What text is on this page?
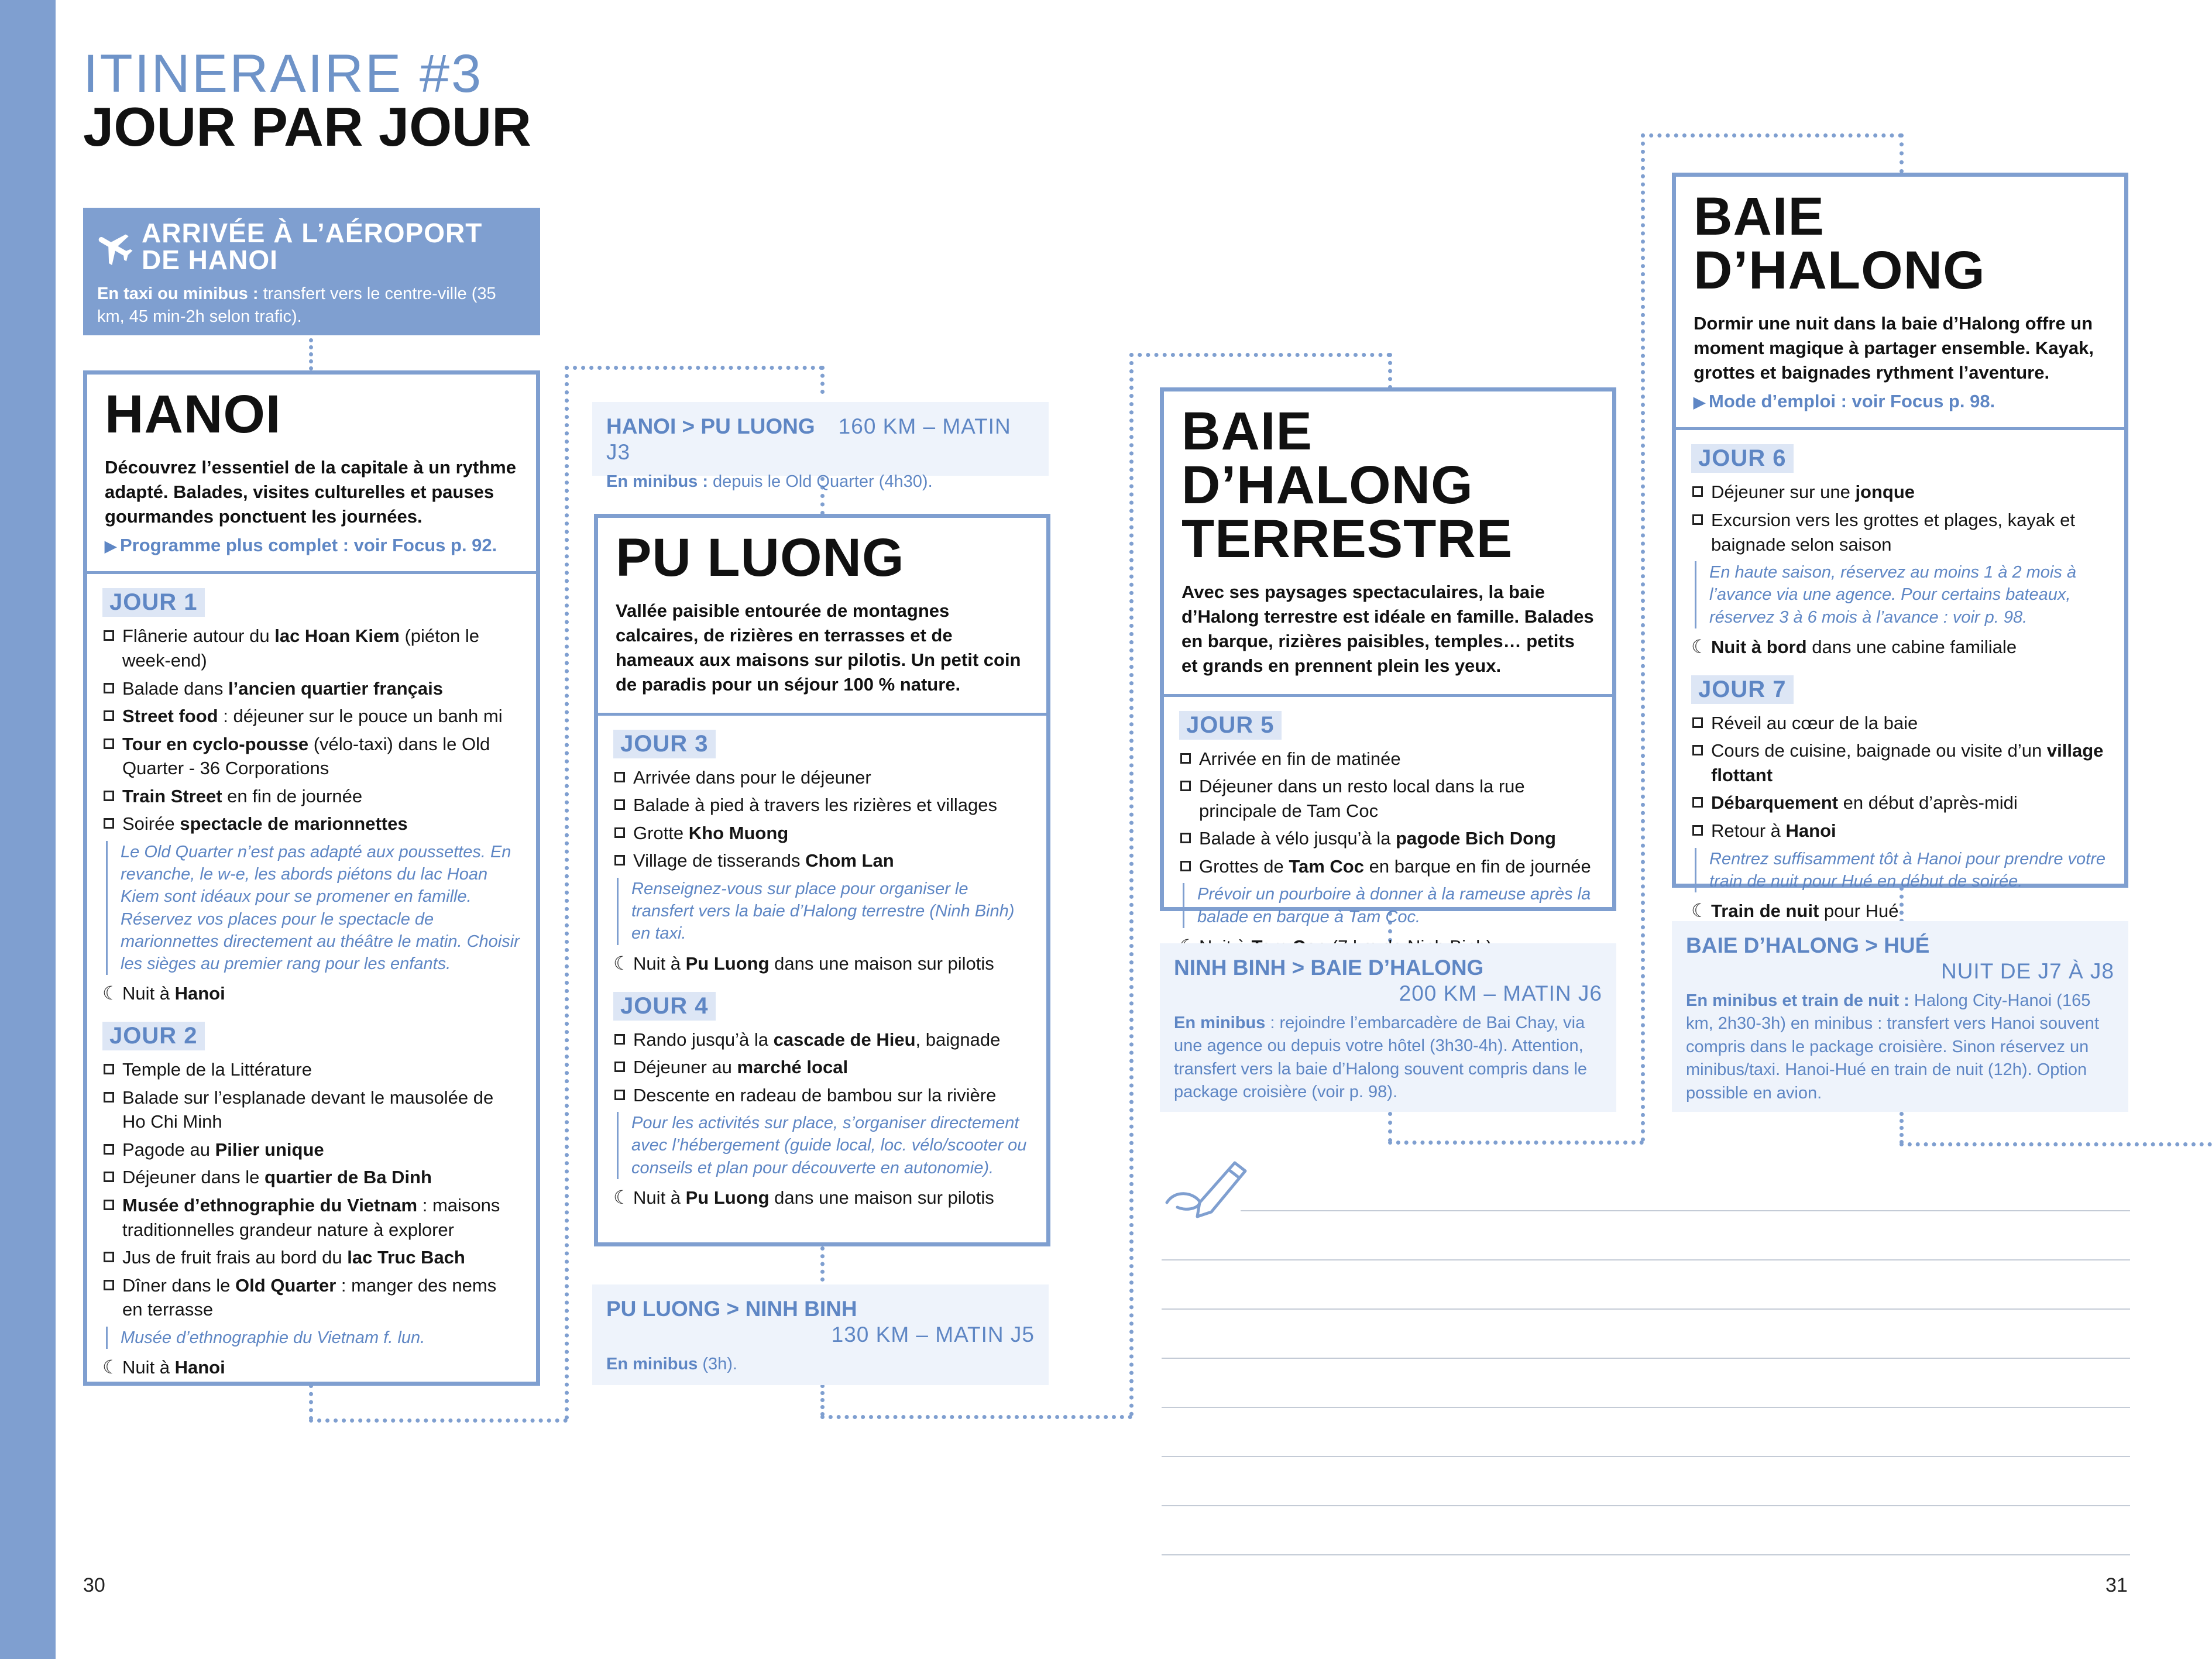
ITINERAIRE #3
JOUR PAR JOUR
ARRIVÉE À L’AÉROPORT DE HANOI
En taxi ou minibus : transfert vers le centre-ville (35 km, 45 min-2h selon trafic).
HANOI
Découvrez l’essentiel de la capitale à un rythme adapté. Balades, visites culturelles et pauses gourmandes ponctuent les journées.
▶ Programme plus complet : voir Focus p. 92.
JOUR 1
Flânerie autour du lac Hoan Kiem (piéton le week-end)
Balade dans l’ancien quartier français
Street food : déjeuner sur le pouce un banh mi
Tour en cyclo-pousse (vélo-taxi) dans le Old Quarter - 36 Corporations
Train Street en fin de journée
Soirée spectacle de marionnettes
Le Old Quarter n’est pas adapté aux poussettes. En revanche, le w-e, les abords piétons du lac Hoan Kiem sont idéaux pour se promener en famille. Réservez vos places pour le spectacle de marionnettes directement au théâtre le matin. Choisir les sièges au premier rang pour les enfants.
☾ Nuit à Hanoi
JOUR 2
Temple de la Littérature
Balade sur l’esplanade devant le mausolée de Ho Chi Minh
Pagode au Pilier unique
Déjeuner dans le quartier de Ba Dinh
Musée d’ethnographie du Vietnam : maisons traditionnelles grandeur nature à explorer
Jus de fruit frais au bord du lac Truc Bach
Dîner dans le Old Quarter : manger des nems en terrasse
Musée d’ethnographie du Vietnam f. lun.
☾ Nuit à Hanoi
HANOI > PU LUONG 160 KM – MATIN J3
En minibus : depuis le Old Quarter (4h30).
PU LUONG
Vallée paisible entourée de montagnes calcaires, de rizières en terrasses et de hameaux aux maisons sur pilotis. Un petit coin de paradis pour un séjour 100 % nature.
JOUR 3
Arrivée dans pour le déjeuner
Balade à pied à travers les rizières et villages
Grotte Kho Muong
Village de tisserands Chom Lan
Renseignez-vous sur place pour organiser le transfert vers la baie d’Halong terrestre (Ninh Binh) en taxi.
☾ Nuit à Pu Luong dans une maison sur pilotis
JOUR 4
Rando jusqu’à la cascade de Hieu, baignade
Déjeuner au marché local
Descente en radeau de bambou sur la rivière
Pour les activités sur place, s’organiser directement avec l’hébergement (guide local, loc. vélo/scooter ou conseils et plan pour découverte en autonomie).
☾ Nuit à Pu Luong dans une maison sur pilotis
PU LUONG > NINH BINH
130 KM – MATIN J5
En minibus (3h).
BAIE D’HALONG
TERRESTRE
Avec ses paysages spectaculaires, la baie d’Halong terrestre est idéale en famille. Balades en barque, rizières paisibles, temples… petits et grands en prennent plein les yeux.
JOUR 5
Arrivée en fin de matinée
Déjeuner dans un resto local dans la rue principale de Tam Coc
Balade à vélo jusqu’à la pagode Bich Dong
Grottes de Tam Coc en barque en fin de journée
Prévoir un pourboire à donner à la rameuse après la balade en barque à Tam Coc.
NINH BINH > BAIE D’HALONG
200 KM – MATIN J6
En minibus : rejoindre l’embarcadère de Bai Chay, via une agence ou depuis votre hôtel (3h30-4h). Attention, transfert vers la baie d’Halong souvent compris dans le package croisière (voir p. 98).
BAIE D’HALONG
Dormir une nuit dans la baie d’Halong offre un moment magique à partager ensemble. Kayak, grottes et baignades rythment l’aventure.
▶ Mode d’emploi : voir Focus p. 98.
JOUR 6
Déjeuner sur une jonque
Excursion vers les grottes et plages, kayak et baignade selon saison
En haute saison, réservez au moins 1 à 2 mois à l’avance via une agence. Pour certains bateaux, réservez 3 à 6 mois à l’avance : voir p. 98.
☾ Nuit à bord dans une cabine familiale
JOUR 7
Réveil au cœur de la baie
Cours de cuisine, baignade ou visite d’un village flottant
Débarquement en début d’après-midi
Retour à Hanoi
Rentrez suffisamment tôt à Hanoi pour prendre votre train de nuit pour Hué en début de soirée.
☾ Train de nuit pour Hué
BAIE D’HALONG > HUÉ
NUIT DE J7 À J8
En minibus et train de nuit : Halong City-Hanoi (165 km, 2h30-3h) en minibus : transfert vers Hanoi souvent compris dans le package croisière. Sinon réservez un minibus/taxi. Hanoi-Hué en train de nuit (12h). Option possible en avion.
30	31
